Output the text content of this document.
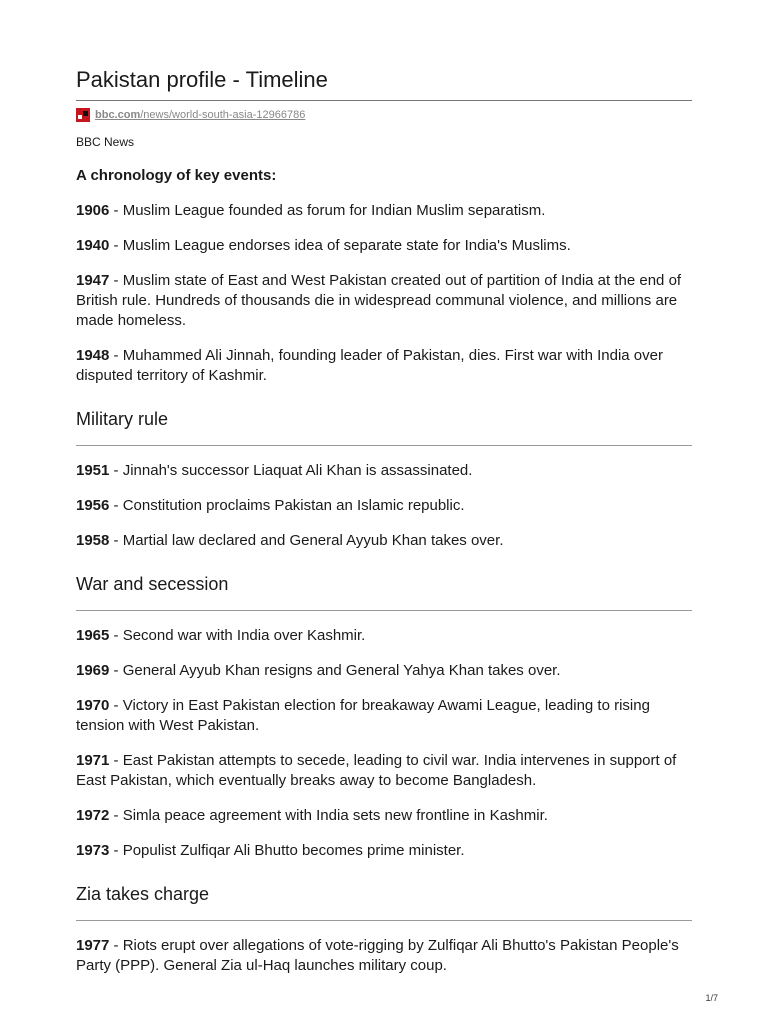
Pakistan profile - Timeline
bbc.com/news/world-south-asia-12966786
BBC News
A chronology of key events:
1906 - Muslim League founded as forum for Indian Muslim separatism.
1940 - Muslim League endorses idea of separate state for India's Muslims.
1947 - Muslim state of East and West Pakistan created out of partition of India at the end of British rule. Hundreds of thousands die in widespread communal violence, and millions are made homeless.
1948 - Muhammed Ali Jinnah, founding leader of Pakistan, dies. First war with India over disputed territory of Kashmir.
Military rule
1951 - Jinnah's successor Liaquat Ali Khan is assassinated.
1956 - Constitution proclaims Pakistan an Islamic republic.
1958 - Martial law declared and General Ayyub Khan takes over.
War and secession
1965 - Second war with India over Kashmir.
1969 - General Ayyub Khan resigns and General Yahya Khan takes over.
1970 - Victory in East Pakistan election for breakaway Awami League, leading to rising tension with West Pakistan.
1971 - East Pakistan attempts to secede, leading to civil war. India intervenes in support of East Pakistan, which eventually breaks away to become Bangladesh.
1972 - Simla peace agreement with India sets new frontline in Kashmir.
1973 - Populist Zulfiqar Ali Bhutto becomes prime minister.
Zia takes charge
1977 - Riots erupt over allegations of vote-rigging by Zulfiqar Ali Bhutto's Pakistan People's Party (PPP). General Zia ul-Haq launches military coup.
1/7
